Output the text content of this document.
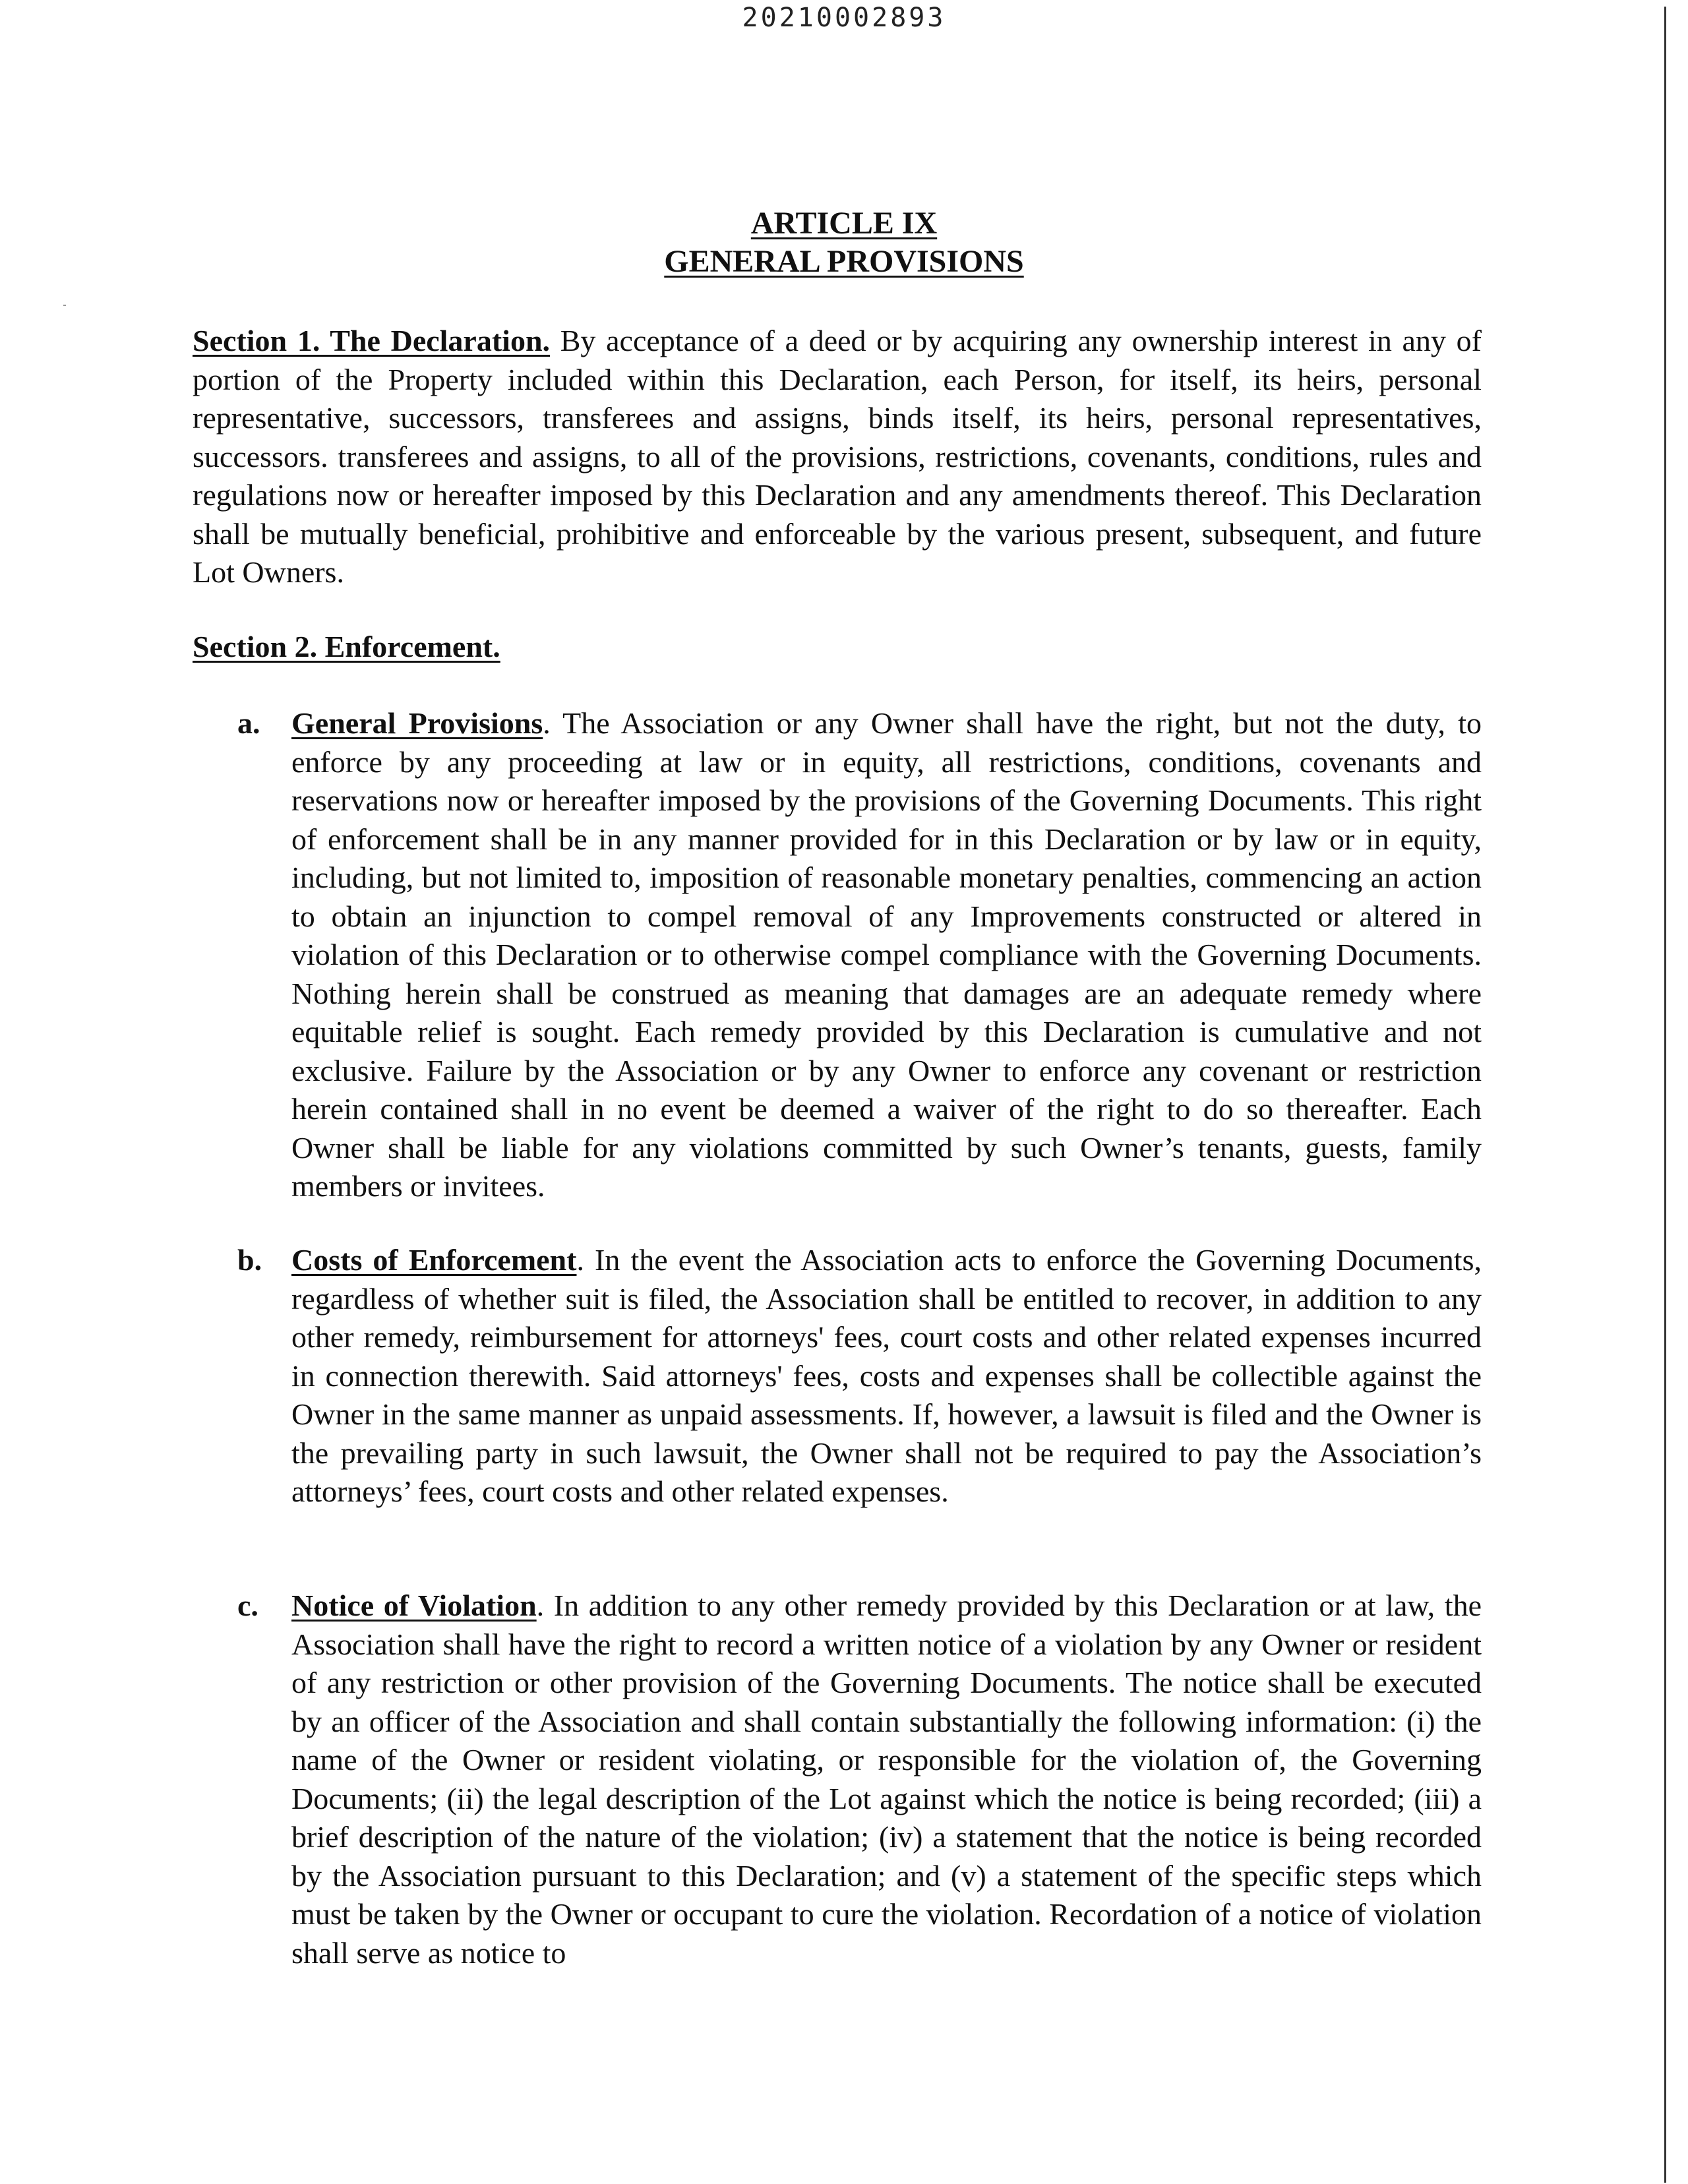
20210002893
ARTICLE IX
GENERAL PROVISIONS

Section 1. The Declaration. By acceptance of a deed or by acquiring any ownership interest in any of portion of the Property included within this Declaration, each Person, for itself, its heirs, personal representative, successors, transferees and assigns, binds itself, its heirs, personal representatives, successors. transferees and assigns, to all of the provisions, restrictions, covenants, conditions, rules and regulations now or hereafter imposed by this Declaration and any amendments thereof. This Declaration shall be mutually beneficial, prohibitive and enforceable by the various present, subsequent, and future Lot Owners.

Section 2. Enforcement.

a. General Provisions. The Association or any Owner shall have the right, but not the duty, to enforce by any proceeding at law or in equity, all restrictions, conditions, covenants and reservations now or hereafter imposed by the provisions of the Governing Documents. This right of enforcement shall be in any manner provided for in this Declaration or by law or in equity, including, but not limited to, imposition of reasonable monetary penalties, commencing an action to obtain an injunction to compel removal of any Improvements constructed or altered in violation of this Declaration or to otherwise compel compliance with the Governing Documents. Nothing herein shall be construed as meaning that damages are an adequate remedy where equitable relief is sought. Each remedy provided by this Declaration is cumulative and not exclusive. Failure by the Association or by any Owner to enforce any covenant or restriction herein contained shall in no event be deemed a waiver of the right to do so thereafter. Each Owner shall be liable for any violations committed by such Owner’s tenants, guests, family members or invitees.

b. Costs of Enforcement. In the event the Association acts to enforce the Governing Documents, regardless of whether suit is filed, the Association shall be entitled to recover, in addition to any other remedy, reimbursement for attorneys' fees, court costs and other related expenses incurred in connection therewith. Said attorneys' fees, costs and expenses shall be collectible against the Owner in the same manner as unpaid assessments. If, however, a lawsuit is filed and the Owner is the prevailing party in such lawsuit, the Owner shall not be required to pay the Association’s attorneys’ fees, court costs and other related expenses.

c. Notice of Violation. In addition to any other remedy provided by this Declaration or at law, the Association shall have the right to record a written notice of a violation by any Owner or resident of any restriction or other provision of the Governing Documents. The notice shall be executed by an officer of the Association and shall contain substantially the following information: (i) the name of the Owner or resident violating, or responsible for the violation of, the Governing Documents; (ii) the legal description of the Lot against which the notice is being recorded; (iii) a brief description of the nature of the violation; (iv) a statement that the notice is being recorded by the Association pursuant to this Declaration; and (v) a statement of the specific steps which must be taken by the Owner or occupant to cure the violation. Recordation of a notice of violation shall serve as notice to
